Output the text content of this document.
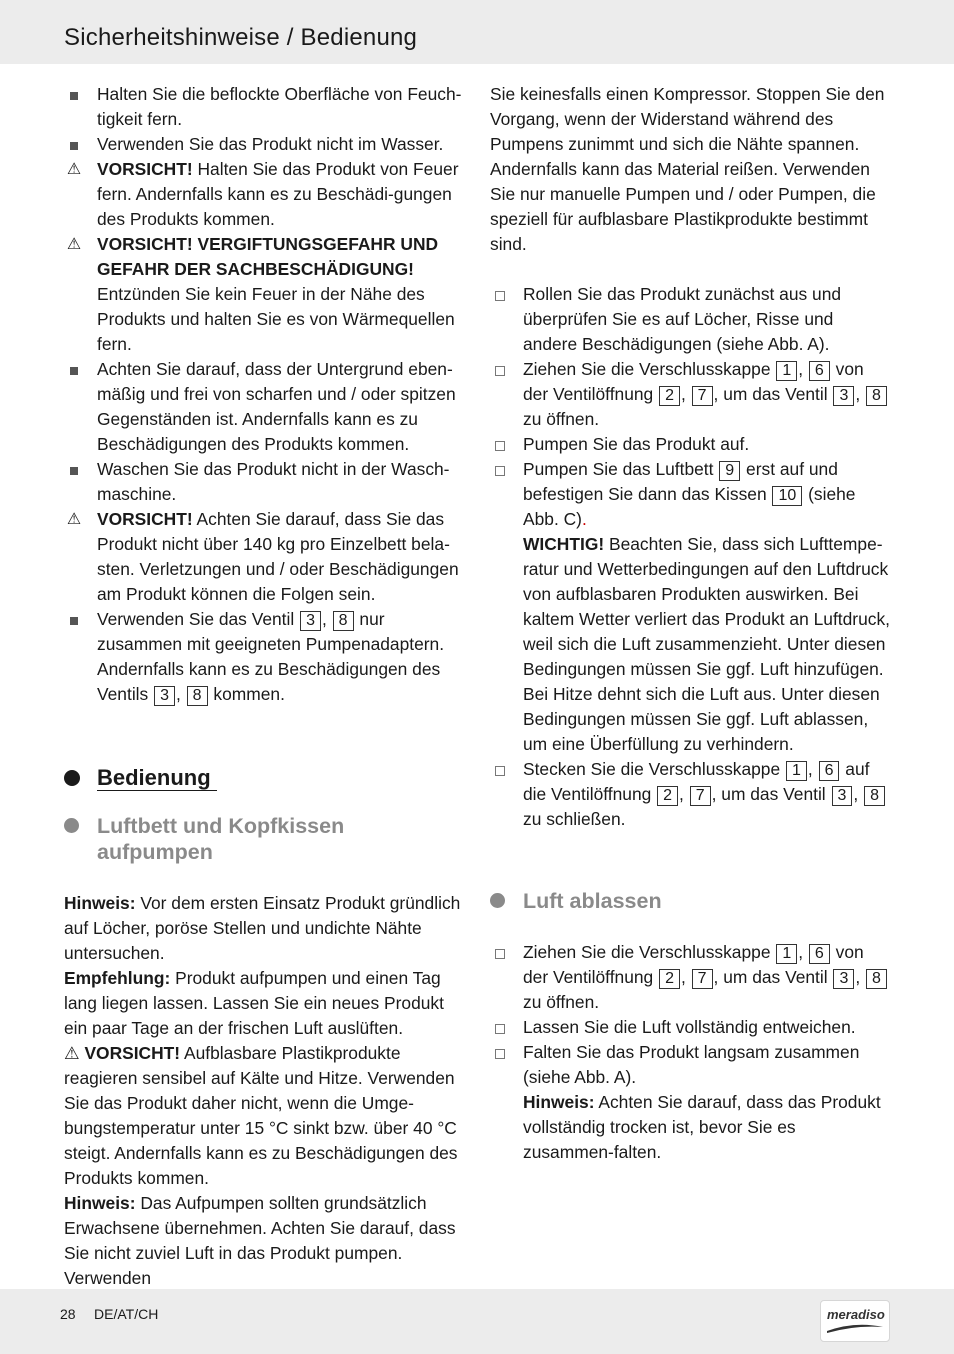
Sicherheitshinweise / Bedienung
Halten Sie die beflockte Oberfläche von Feuch-tigkeit fern.
Verwenden Sie das Produkt nicht im Wasser.
⚠ VORSICHT! Halten Sie das Produkt von Feuer fern. Andernfalls kann es zu Beschädi-gungen des Produkts kommen.
⚠ VORSICHT! VERGIFTUNGSGEFAHR UND GEFAHR DER SACHBESCHÄDIGUNG!
Entzünden Sie kein Feuer in der Nähe des Produkts und halten Sie es von Wärmequellen fern.
Achten Sie darauf, dass der Untergrund eben-mäßig und frei von scharfen und / oder spitzen Gegenständen ist. Andernfalls kann es zu Beschädigungen des Produkts kommen.
Waschen Sie das Produkt nicht in der Wasch-maschine.
⚠ VORSICHT! Achten Sie darauf, dass Sie das Produkt nicht über 140 kg pro Einzelbett bela-sten. Verletzungen und / oder Beschädigungen am Produkt können die Folgen sein.
Verwenden Sie das Ventil 3 , 8 nur zusammen mit geeigneten Pumpenadaptern. Andernfalls kann es zu Beschädigungen des Ventils 3 , 8 kommen.
Bedienung
Luftbett und Kopfkissen aufpumpen

Hinweis: Vor dem ersten Einsatz Produkt gründlich auf Löcher, poröse Stellen und undichte Nähte untersuchen.

Empfehlung: Produkt aufpumpen und einen Tag lang liegen lassen. Lassen Sie ein neues Produkt ein paar Tage an der frischen Luft auslüften.

⚠ VORSICHT! Aufblasbare Plastikprodukte reagieren sensibel auf Kälte und Hitze. Verwenden Sie das Produkt daher nicht, wenn die Umge-bungstemperatur unter 15 °C sinkt bzw. über 40 °C steigt. Andernfalls kann es zu Beschädigungen des Produkts kommen.

Hinweis: Das Aufpumpen sollten grundsätzlich Erwachsene übernehmen. Achten Sie darauf, dass Sie nicht zuviel Luft in das Produkt pumpen. Verwenden

Sie keinesfalls einen Kompressor. Stoppen Sie den Vorgang, wenn der Widerstand während des Pumpens zunimmt und sich die Nähte spannen. Andernfalls kann das Material reißen. Verwenden Sie nur manuelle Pumpen und / oder Pumpen, die speziell für aufblasbare Plastikprodukte bestimmt sind.

Rollen Sie das Produkt zunächst aus und überprüfen Sie es auf Löcher, Risse und andere Beschädigungen (siehe Abb. A).
Ziehen Sie die Verschlusskappe 1 , 6 von der Ventilöffnung 2 , 7 , um das Ventil 3 , 8 zu öffnen.
Pumpen Sie das Produkt auf.
Pumpen Sie das Luftbett 9 erst auf und befestigen Sie dann das Kissen 10 (siehe Abb. C).
WICHTIG! Beachten Sie, dass sich Lufttempe-ratur und Wetterbedingungen auf den Luftdruck von aufblasbaren Produkten auswirken. Bei kaltem Wetter verliert das Produkt an Luftdruck, weil sich die Luft zusammenzieht. Unter diesen Bedingungen müssen Sie ggf. Luft hinzufügen. Bei Hitze dehnt sich die Luft aus. Unter diesen Bedingungen müssen Sie ggf. Luft ablassen, um eine Überfüllung zu verhindern.
Stecken Sie die Verschlusskappe 1 , 6 auf die Ventilöffnung 2 , 7 , um das Ventil 3 , 8 zu schließen.
Luft ablassen
Ziehen Sie die Verschlusskappe 1 , 6 von der Ventilöffnung 2 , 7 , um das Ventil 3 , 8 zu öffnen.
Lassen Sie die Luft vollständig entweichen.
Falten Sie das Produkt langsam zusammen (siehe Abb. A).
Hinweis: Achten Sie darauf, dass das Produkt vollständig trocken ist, bevor Sie es zusammen-falten.
28 DE/AT/CH	meradiso
